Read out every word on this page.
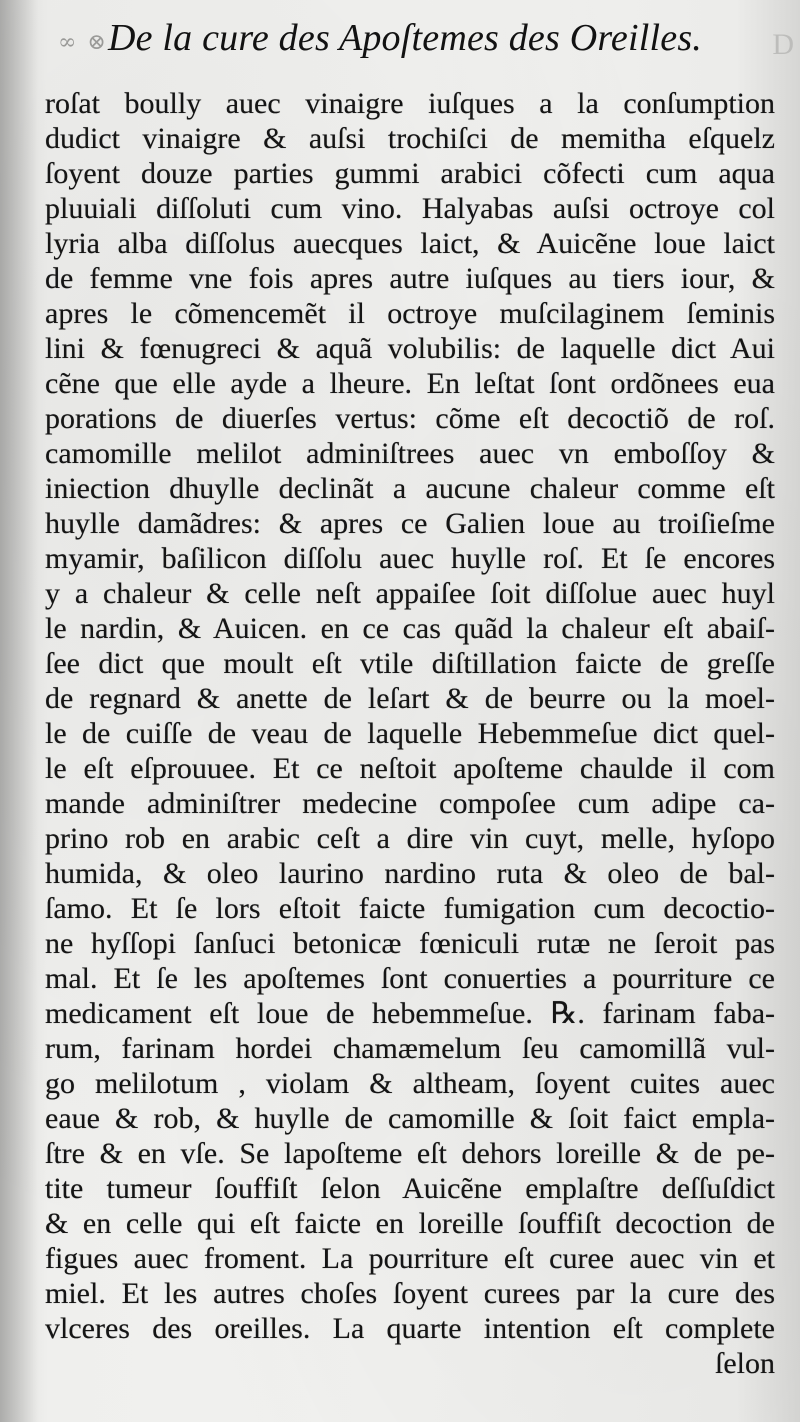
∞ ⊗ De la cure des Apoſtemes des Oreilles. D
roſat boully auec vinaigre iuſques a la conſumption
dudict vinaigre & auſsi trochiſci de memitha eſquelz
ſoyent douze parties gummi arabici cõfecti cum aqua
pluuiali diſſoluti cum vino. Halyabas auſsi octroye col
lyria alba diſſolus auecques laict, & Auicẽne loue laict
de femme vne fois apres autre iuſques au tiers iour, &
apres le cõmencemẽt il octroye muſcilaginem ſeminis
lini & fœnugreci & aquã volubilis: de laquelle dict Aui
cẽne que elle ayde a lheure. En leſtat ſont ordõnees eua
porations de diuerſes vertus: cõme eſt decoctiõ de roſ.
camomille melilot adminiſtrees auec vn emboſſoy &
iniection dhuylle declinãt a aucune chaleur comme eſt
huylle damãdres: & apres ce Galien loue au troiſieſme
myamir, baſilicon diſſolu auec huylle roſ. Et ſe encores
y a chaleur & celle neſt appaiſee ſoit diſſolue auec huyl
le nardin, & Auicen. en ce cas quãd la chaleur eſt abaiſ-
ſee dict que moult eſt vtile diſtillation faicte de greſſe
de regnard & anette de leſart & de beurre ou la moel-
le de cuiſſe de veau de laquelle Hebemmeſue dict quel-
le eſt eſprouuee. Et ce neſtoit apoſteme chaulde il com
mande adminiſtrer medecine compoſee cum adipe ca-
prino rob en arabic ceſt a dire vin cuyt, melle, hyſopo
humida, & oleo laurino nardino ruta & oleo de bal-
ſamo. Et ſe lors eſtoit faicte fumigation cum decoctio-
ne hyſſopi ſanſuci betonicæ fœniculi rutæ ne ſeroit pas
mal. Et ſe les apoſtemes ſont conuerties a pourriture ce
medicament eſt loue de hebemmeſue. ℞. farinam faba-
rum, farinam hordei chamæmelum ſeu camomillã vul-
go melilotum , violam & altheam, ſoyent cuites auec
eaue & rob, & huylle de camomille & ſoit faict empla-
ſtre & en vſe. Se lapoſteme eſt dehors loreille & de pe-
tite tumeur ſouffiſt ſelon Auicẽne emplaſtre deſſuſdict
& en celle qui eſt faicte en loreille ſouffiſt decoction de
figues auec froment. La pourriture eſt curee auec vin et
miel. Et les autres choſes ſoyent curees par la cure des
vlceres des oreilles. La quarte intention eſt complete
ſelon
